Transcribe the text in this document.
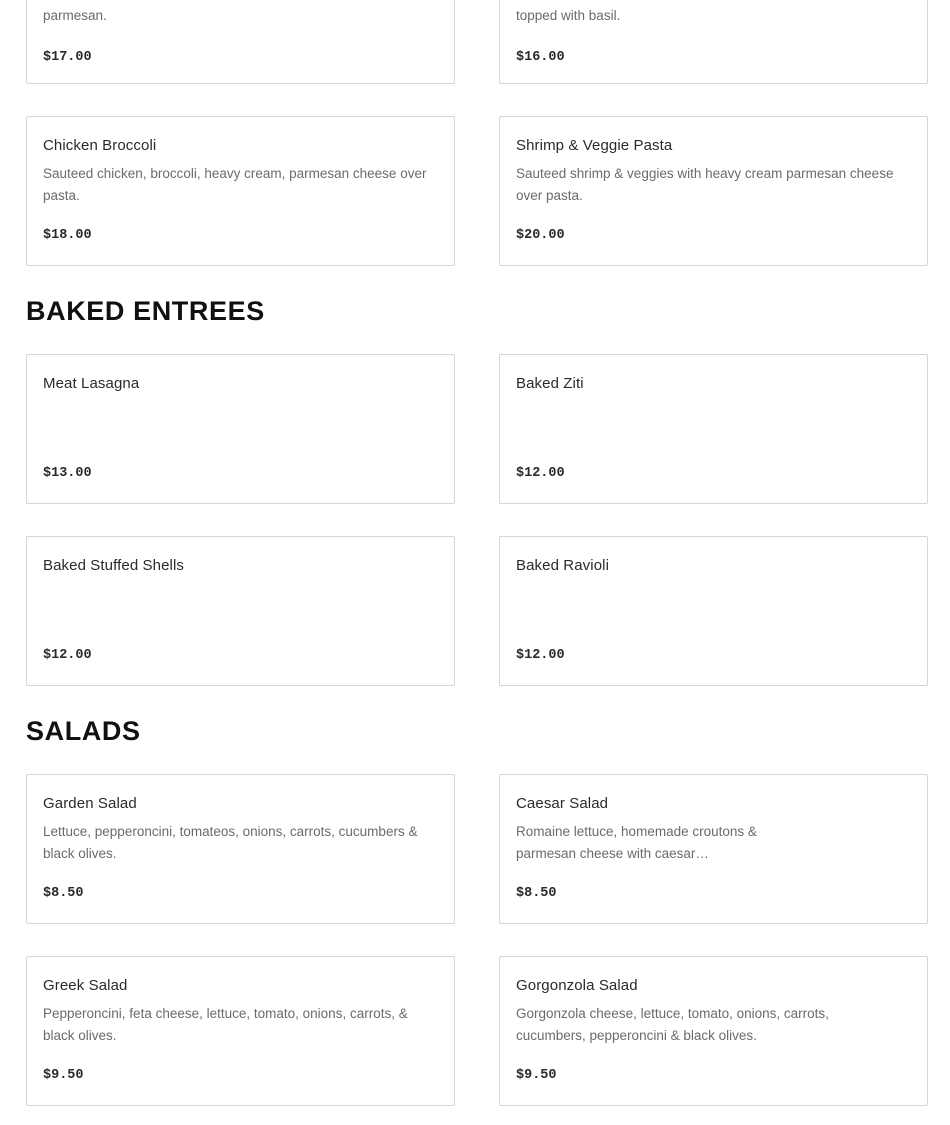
parmesan.
$17.00
topped with basil.
$16.00
Chicken Broccoli
Sauteed chicken, broccoli, heavy cream, parmesan cheese over pasta.
$18.00
Shrimp & Veggie Pasta
Sauteed shrimp & veggies with heavy cream parmesan cheese over pasta.
$20.00
BAKED ENTREES
Meat Lasagna
$13.00
Baked Ziti
$12.00
Baked Stuffed Shells
$12.00
Baked Ravioli
$12.00
SALADS
Garden Salad
Lettuce, pepperoncini, tomateos, onions, carrots, cucumbers & black olives.
$8.50
Caesar Salad
Romaine lettuce, homemade croutons & parmesan cheese with caesar…
$8.50
Greek Salad
Pepperoncini, feta cheese, lettuce, tomato, onions, carrots, & black olives.
$9.50
Gorgonzola Salad
Gorgonzola cheese, lettuce, tomato, onions, carrots, cucumbers, pepperoncini & black olives.
$9.50
